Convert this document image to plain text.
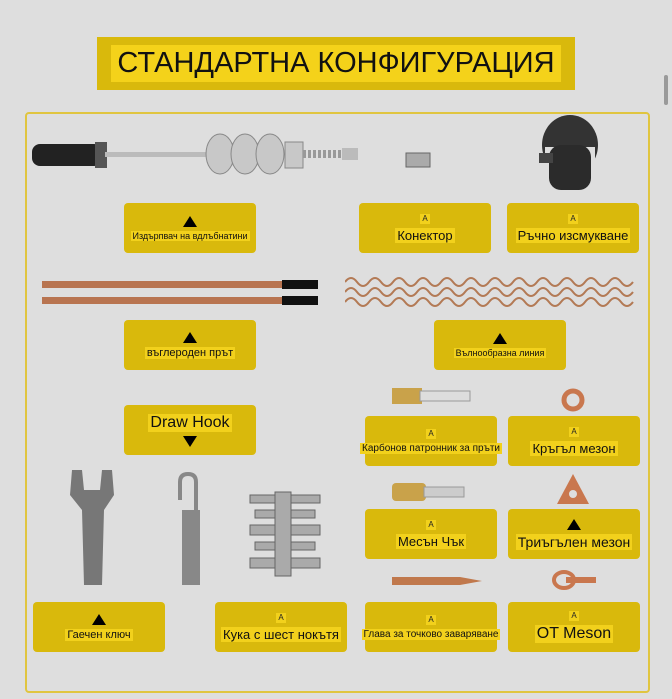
СТАНДАРТНА КОНФИГУРАЦИЯ
Издърпвач на вдлъбнатини
A
Конектор
A
Ръчно изсмукване
въглероден прът	Вълнообразна линия
Draw Hook
A
Карбонов патронник за пръти
A
Кръгъл мезон
A
Месън Чък	Триъгълен мезон
Гаечен ключ
A
Кука с шест нокътя
A
Глава за точково заваряване
A
OT Meson
